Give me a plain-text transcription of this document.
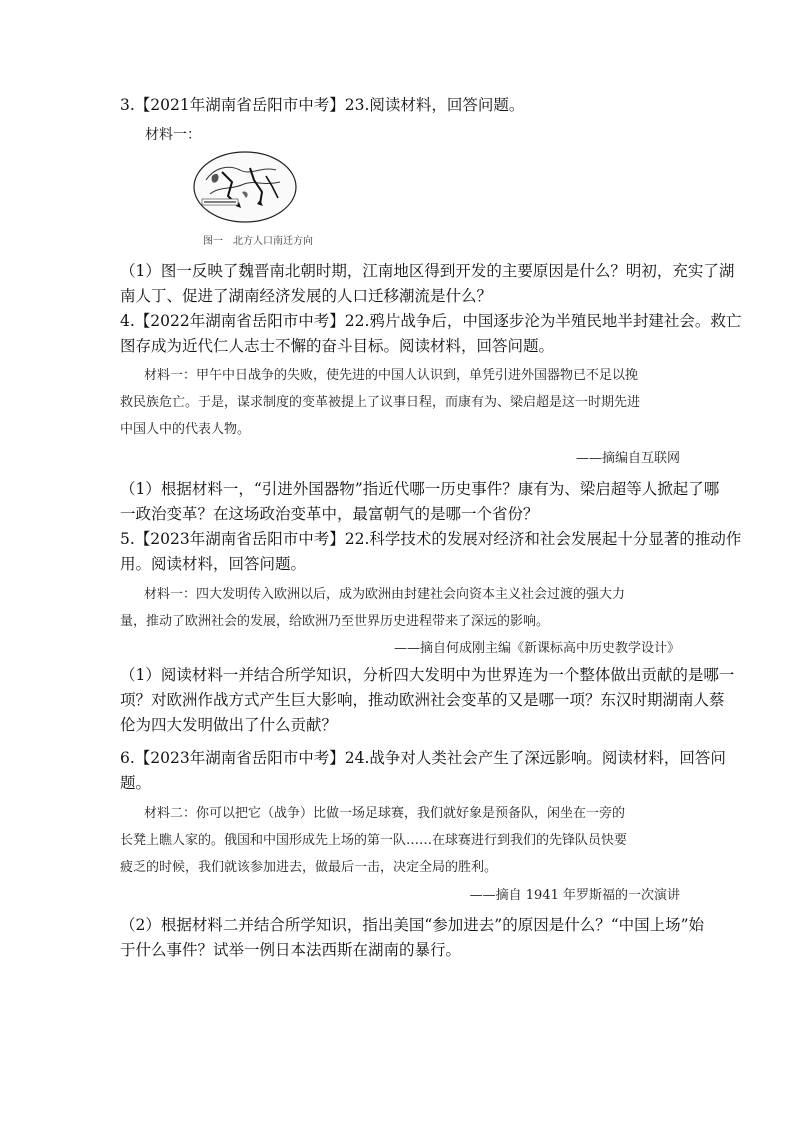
3.【2021年湖南省岳阳市中考】23.阅读材料，回答问题。
材料一：
图一　北方人口南迁方向
（1）图一反映了魏晋南北朝时期，江南地区得到开发的主要原因是什么？明初，充实了湖
南人丁、促进了湖南经济发展的人口迁移潮流是什么？
4.【2022年湖南省岳阳市中考】22.鸦片战争后，中国逐步沦为半殖民地半封建社会。救亡
图存成为近代仁人志士不懈的奋斗目标。阅读材料，回答问题。
材料一：甲午中日战争的失败，使先进的中国人认识到，单凭引进外国器物已不足以挽
救民族危亡。于是，谋求制度的变革被提上了议事日程，而康有为、梁启超是这一时期先进
中国人中的代表人物。
——摘编自互联网
（1）根据材料一，“引进外国器物”指近代哪一历史事件？康有为、梁启超等人掀起了哪
一政治变革？在这场政治变革中，最富朝气的是哪一个省份？
5.【2023年湖南省岳阳市中考】22.科学技术的发展对经济和社会发展起十分显著的推动作
用。阅读材料，回答问题。
材料一：四大发明传入欧洲以后，成为欧洲由封建社会向资本主义社会过渡的强大力
量，推动了欧洲社会的发展，给欧洲乃至世界历史进程带来了深远的影响。
——摘自何成刚主编《新课标高中历史教学设计》
（1）阅读材料一并结合所学知识，分析四大发明中为世界连为一个整体做出贡献的是哪一
项？对欧洲作战方式产生巨大影响，推动欧洲社会变革的又是哪一项？东汉时期湖南人蔡
伦为四大发明做出了什么贡献？
6.【2023年湖南省岳阳市中考】24.战争对人类社会产生了深远影响。阅读材料，回答问
题。
材料二：你可以把它（战争）比做一场足球赛，我们就好象是预备队，闲坐在一旁的
长凳上瞧人家的。俄国和中国形成先上场的第一队……在球赛进行到我们的先锋队员快要
疲乏的时候，我们就该参加进去，做最后一击，决定全局的胜利。
——摘自 1941 年罗斯福的一次演讲
（2）根据材料二并结合所学知识，指出美国“参加进去”的原因是什么？“中国上场”始
于什么事件？试举一例日本法西斯在湖南的暴行。
